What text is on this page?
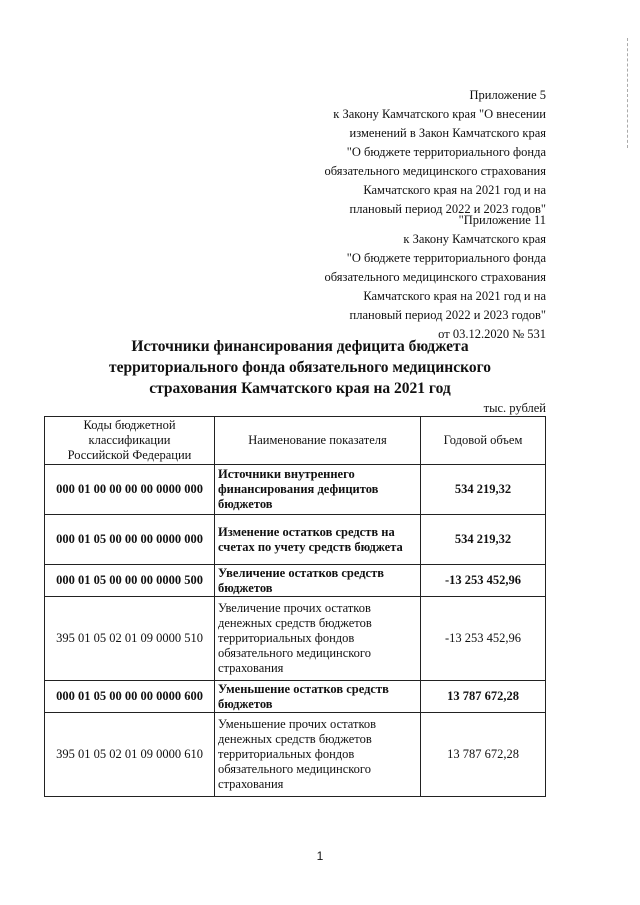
Приложение 5
к Закону Камчатского края "О внесении
изменений в Закон Камчатского края
"О бюджете территориального фонда
обязательного медицинского страхования
Камчатского края на 2021 год и на
плановый период 2022 и 2023 годов"
"Приложение 11
к Закону Камчатского края
"О бюджете территориального фонда
обязательного медицинского страхования
Камчатского края на 2021 год и на
плановый период 2022 и 2023 годов"
от 03.12.2020 № 531
Источники финансирования дефицита бюджета
территориального фонда обязательного медицинского
страхования Камчатского края на 2021 год
тыс. рублей
Коды бюджетной
классификации
Российской Федерации	Наименование показателя	Годовой объем
000 01 00 00 00 00 0000 000	Источники внутреннего
финансирования дефицитов
бюджетов	534 219,32
000 01 05 00 00 00 0000 000	Изменение остатков средств на
счетах по учету средств бюджета	534 219,32
000 01 05 00 00 00 0000 500	Увеличение остатков средств
бюджетов	-13 253 452,96
395 01 05 02 01 09 0000 510	Увеличение прочих остатков
денежных средств бюджетов
территориальных фондов
обязательного медицинского
страхования	-13 253 452,96
000 01 05 00 00 00 0000 600	Уменьшение остатков средств
бюджетов	13 787 672,28
395 01 05 02 01 09 0000 610	Уменьшение прочих остатков
денежных средств бюджетов
территориальных фондов
обязательного медицинского
страхования	13 787 672,28
1
